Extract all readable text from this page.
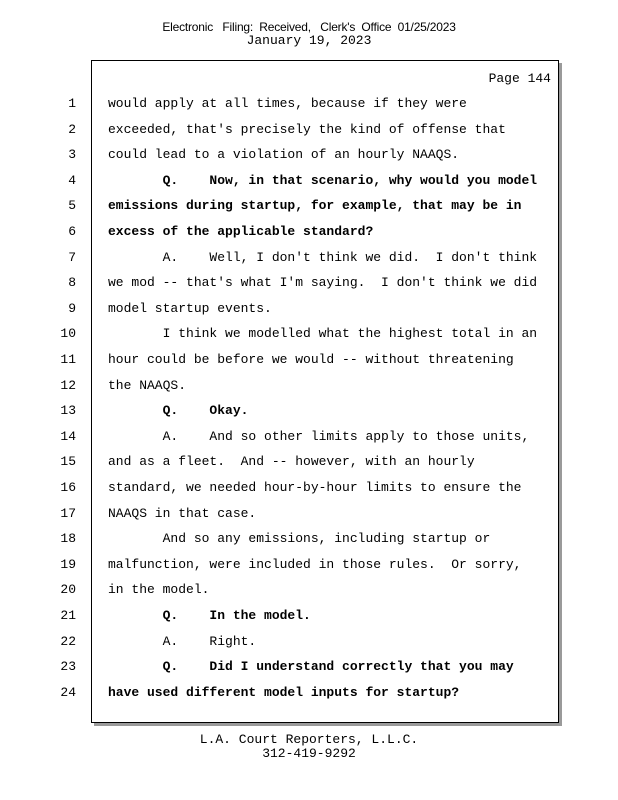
Electronic   Filing:  Received,   Clerk's  Office  01/25/2023
January 19, 2023
Page 144
1 would apply at all times, because if they were
2 exceeded, that's precisely the kind of offense that
3 could lead to a violation of an hourly NAAQS.
4 Q.    Now, in that scenario, why would you model
5 emissions during startup, for example, that may be in
6 excess of the applicable standard?
7 A.    Well, I don't think we did.  I don't think
8 we mod -- that's what I'm saying.  I don't think we did
9 model startup events.
10 I think we modelled what the highest total in an
11 hour could be before we would -- without threatening
12 the NAAQS.
13 Q.    Okay.
14 A.    And so other limits apply to those units,
15 and as a fleet.  And -- however, with an hourly
16 standard, we needed hour-by-hour limits to ensure the
17 NAAQS in that case.
18 And so any emissions, including startup or
19 malfunction, were included in those rules.  Or sorry,
20 in the model.
21 Q.    In the model.
22 A.    Right.
23 Q.    Did I understand correctly that you may
24 have used different model inputs for startup?
L.A. Court Reporters, L.L.C.
312-419-9292
